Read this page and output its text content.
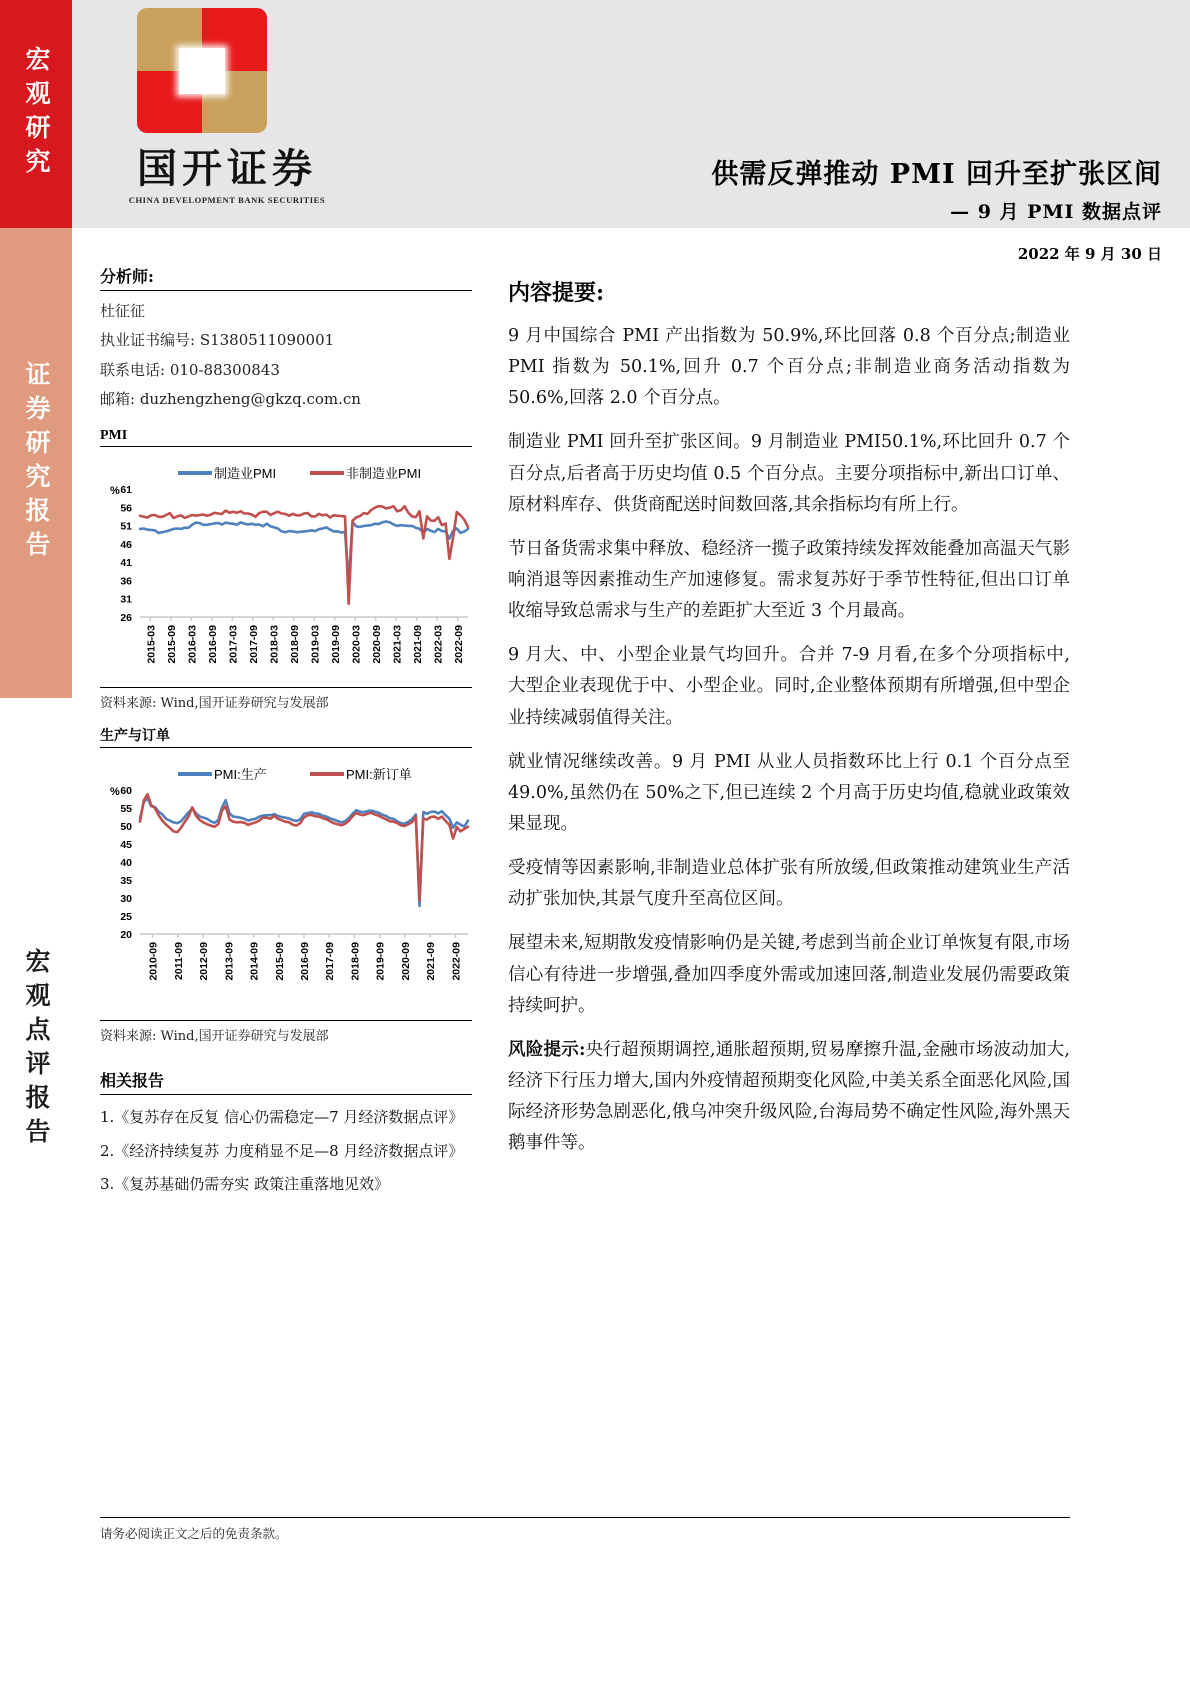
宏观研究
证券研究报告
宏观点评报告
国开证券
CHINA DEVELOPMENT BANK SECURITIES
供需反弹推动 PMI 回升至扩张区间
— 9 月 PMI 数据点评
2022 年 9 月 30 日
分析师:
杜征征
执业证书编号: S1380511090001
联系电话: 010-88300843
邮箱: duzhengzheng@gkzq.com.cn
PMI
制造业PMI	非制造业PMI
%
26
31
36
41
46
51
56
61
2015-03 2015-09 2016-03 2016-09 2017-03 2017-09 2018-03 2018-09 2019-03 2019-09 2020-03 2020-09 2021-03 2021-09 2022-03 2022-09
资料来源: Wind,国开证券研究与发展部
生产与订单
PMI:生产	PMI:新订单
%
20
25
30
35
40
45
50
55
60
2010-09 2011-09 2012-09 2013-09 2014-09 2015-09 2016-09 2017-09 2018-09 2019-09 2020-09 2021-09 2022-09
资料来源: Wind,国开证券研究与发展部
相关报告
1.《复苏存在反复 信心仍需稳定—7 月经济数据点评》
2.《经济持续复苏 力度稍显不足—8 月经济数据点评》
3.《复苏基础仍需夯实 政策注重落地见效》
内容提要:
9 月中国综合 PMI 产出指数为 50.9%,环比回落 0.8 个百分点;制造业 PMI 指数为 50.1%,回升 0.7 个百分点;非制造业商务活动指数为 50.6%,回落 2.0 个百分点。
制造业 PMI 回升至扩张区间。9 月制造业 PMI50.1%,环比回升 0.7 个百分点,后者高于历史均值 0.5 个百分点。主要分项指标中,新出口订单、原材料库存、供货商配送时间数回落,其余指标均有所上行。
节日备货需求集中释放、稳经济一揽子政策持续发挥效能叠加高温天气影响消退等因素推动生产加速修复。需求复苏好于季节性特征,但出口订单收缩导致总需求与生产的差距扩大至近 3 个月最高。
9 月大、中、小型企业景气均回升。合并 7-9 月看,在多个分项指标中, 大型企业表现优于中、小型企业。同时,企业整体预期有所增强,但中型企业持续减弱值得关注。
就业情况继续改善。9 月 PMI 从业人员指数环比上行 0.1 个百分点至 49.0%,虽然仍在 50%之下,但已连续 2 个月高于历史均值,稳就业政策效果显现。
受疫情等因素影响,非制造业总体扩张有所放缓,但政策推动建筑业生产活动扩张加快,其景气度升至高位区间。
展望未来,短期散发疫情影响仍是关键,考虑到当前企业订单恢复有限,市场信心有待进一步增强,叠加四季度外需或加速回落,制造业发展仍需要政策持续呵护。
风险提示:央行超预期调控,通胀超预期,贸易摩擦升温,金融市场波动加大,经济下行压力增大,国内外疫情超预期变化风险,中美关系全面恶化风险,国际经济形势急剧恶化,俄乌冲突升级风险,台海局势不确定性风险,海外黑天鹅事件等。
请务必阅读正文之后的免责条款。
